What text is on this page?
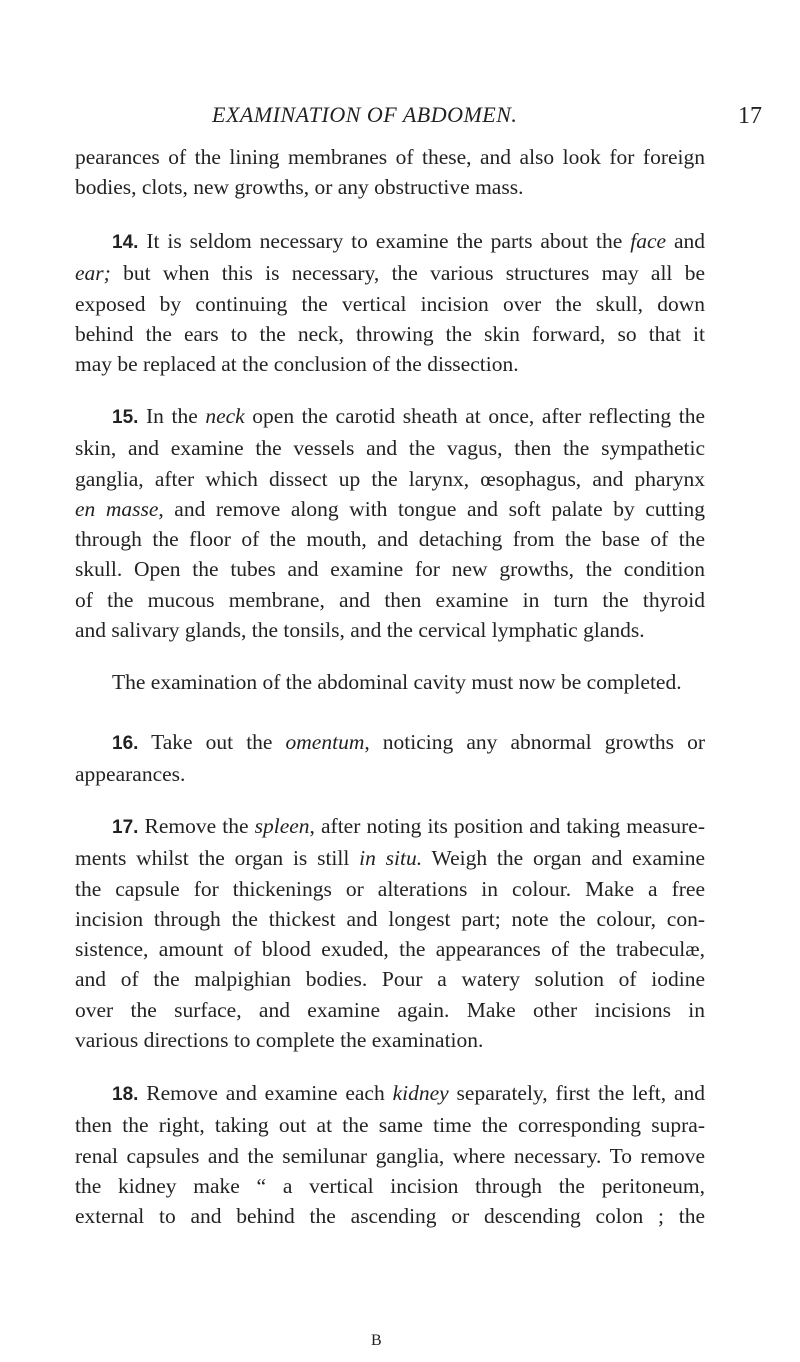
EXAMINATION OF ABDOMEN.	17

pearances of the lining membranes of these, and also look for foreign
bodies, clots, new growths, or any obstructive mass.

14. It is seldom necessary to examine the parts about the face and
ear; but when this is necessary, the various structures may all be
exposed by continuing the vertical incision over the skull, down
behind the ears to the neck, throwing the skin forward, so that it
may be replaced at the conclusion of the dissection.

15. In the neck open the carotid sheath at once, after reflecting the
skin, and examine the vessels and the vagus, then the sympathetic
ganglia, after which dissect up the larynx, œsophagus, and pharynx
en masse, and remove along with tongue and soft palate by cutting
through the floor of the mouth, and detaching from the base of the
skull. Open the tubes and examine for new growths, the condition
of the mucous membrane, and then examine in turn the thyroid
and salivary glands, the tonsils, and the cervical lymphatic glands.

The examination of the abdominal cavity must now be completed.

16. Take out the omentum, noticing any abnormal growths or
appearances.

17. Remove the spleen, after noting its position and taking measure-
ments whilst the organ is still in situ. Weigh the organ and examine
the capsule for thickenings or alterations in colour. Make a free
incision through the thickest and longest part; note the colour, con-
sistence, amount of blood exuded, the appearances of the trabeculæ,
and of the malpighian bodies. Pour a watery solution of iodine
over the surface, and examine again. Make other incisions in
various directions to complete the examination.

18. Remove and examine each kidney separately, first the left, and
then the right, taking out at the same time the corresponding supra-
renal capsules and the semilunar ganglia, where necessary. To remove
the kidney make “ a vertical incision through the peritoneum,
external to and behind the ascending or descending colon ; the

B
